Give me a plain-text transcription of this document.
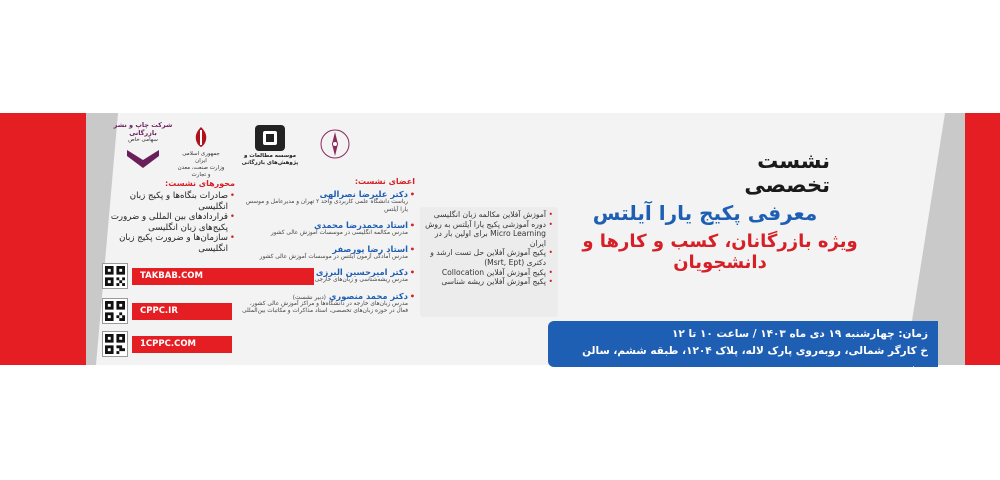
موسسه مطالعات و پژوهش‌های بازرگانی
جمهوری اسلامی ایران
وزارت صنعت، معدن و تجارت
شرکت چاپ و نشر بازرگانی
سهامی خاص
نشست تخصصی
معرفی پکیج یارا آیلتس
ویژه بازرگانان، کسب و کارها و دانشجویان
• آموزش آفلاین مکالمه زبان انگلیسی
• دوره آموزشی پکیج یارا آیلتس به روش Micro Learning برای اولین بار در ایران
• پکیج آموزش آفلاین حل تست ارشد و دکتری (Msrt, Ept)
• پکیج آموزش آفلاین Collocation
• پکیج آموزش آفلاین ریشه شناسی
زمان: چهارشنبه ۱۹ دی ماه ۱۴۰۳ / ساعت ۱۰ تا ۱۲
خ کارگر شمالی، روبه‌روی پارک لاله، پلاک ۱۲۰۴، طبقه ششم، سالن روزبه
اعضای نشست:
• دکتر علیرضا نصرالهی
ریاست دانشگاه علمی کاربردی واحد ۲ تهران و مدیرعامل و موسس یارا آیلتس
• استاد محمدرضا محمدی
مدرس مکالمه انگلیسی در موسسات آموزش عالی کشور
• استاد رضا پورصفر
مدرس آمادگی آزمون آیلتس در موسسات آموزش عالی کشور
• دکتر امیرحسین البرزی
مدرس ریشه‌شناسی و زبان‌های خارجی
• دکتر محمد منصوری (دبیر نشست)
مدرس زبان‌های خارجه در دانشگاه‌ها و مراکز آموزش عالی کشور، فعال در حوزه زبان‌های تخصصی، استاد مذاکرات و مکاتبات بین‌المللی
محورهای نشست:
• صادرات بنگاه‌ها و پکیج زبان انگلیسی
• قراردادهای بین المللی و ضرورت پکیج‌های زبان انگلیسی
• سازمان‌ها و ضرورت پکیج زبان انگلیسی
TAKBAB.COM
CPPC.IR
1CPPC.COM
